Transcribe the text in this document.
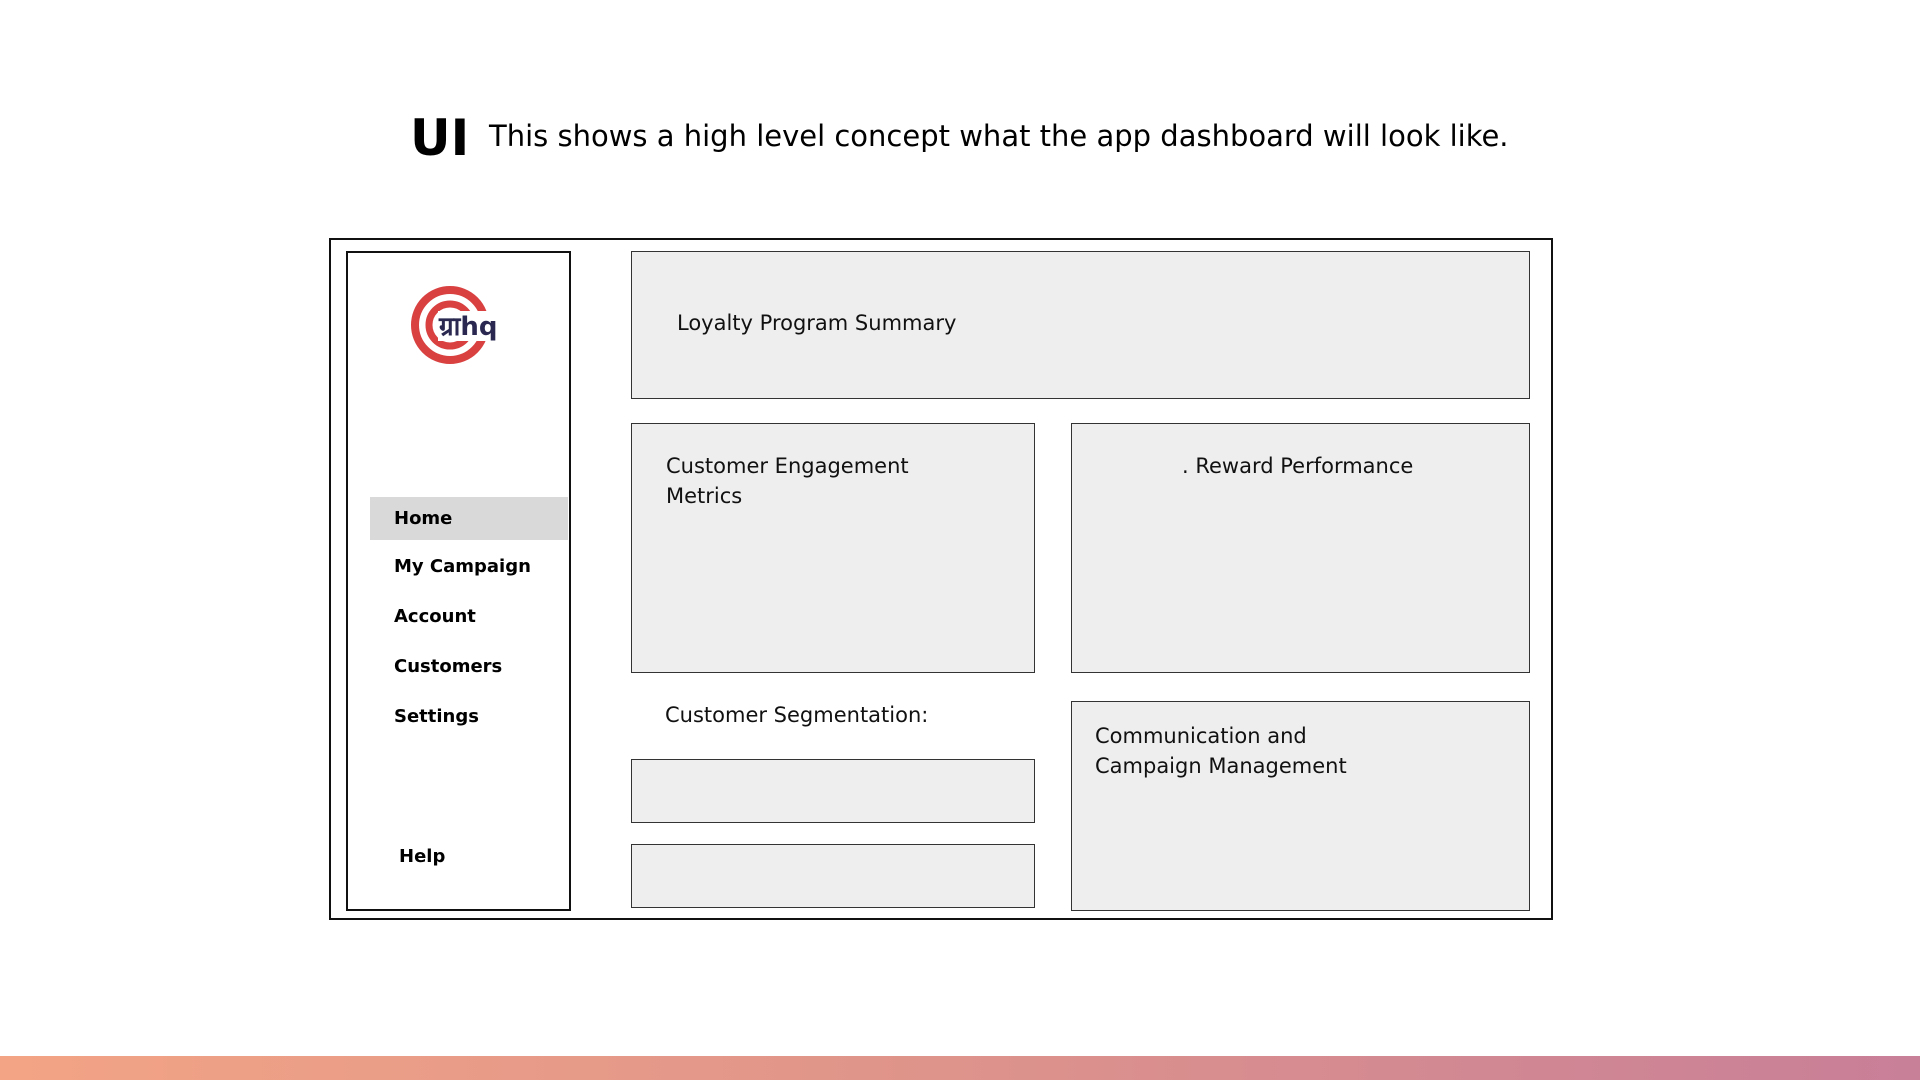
UI This shows a high level concept what the app dashboard will look like.
ग्राhq
Home
My Campaign
Account
Customers
Settings
Help
Loyalty Program Summary
Customer Engagement
Metrics
. Reward Performance
Customer Segmentation:
Communication and
Campaign Management
